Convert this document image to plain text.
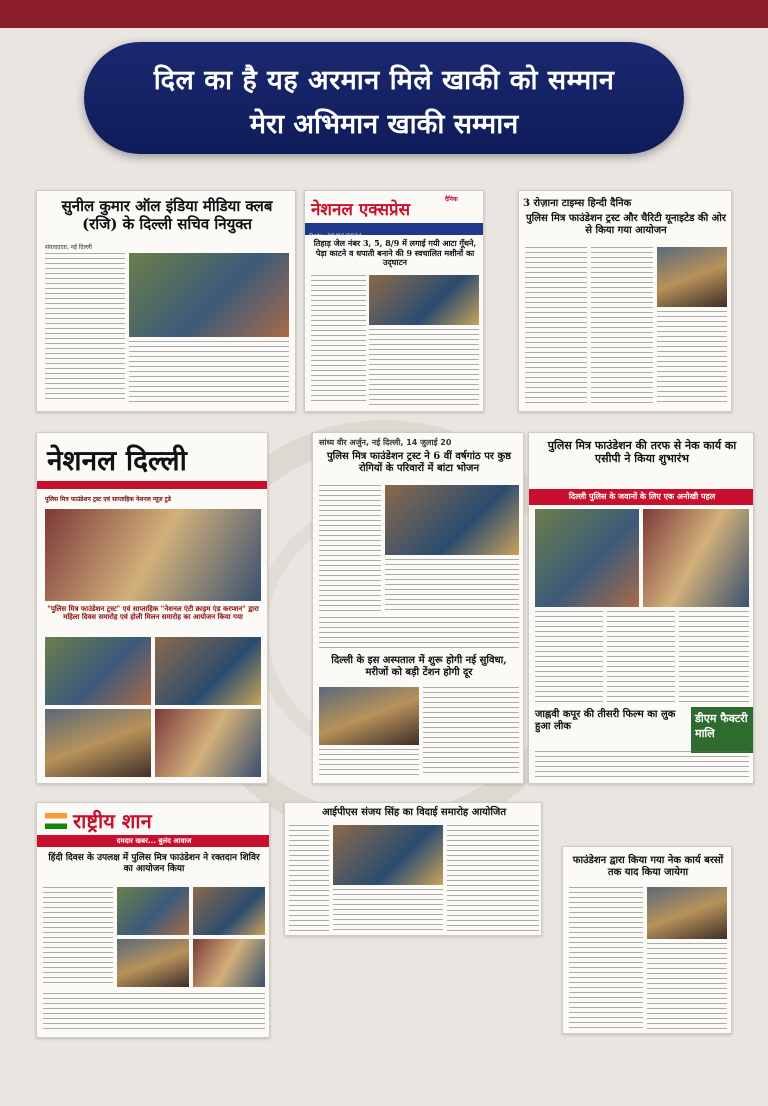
दिल का है यह अरमान मिले खाकी को सम्मान
मेरा अभिमान खाकी सम्मान
सुनील कुमार ऑल इंडिया मीडिया क्लब (रजि) के दिल्ली सचिव नियुक्त
संवाददाता, नई दिल्ली
दैनिक
नेशनल एक्सप्रेस
Date: 29/06/2024
तिहाड़ जेल नंबर 3, 5, 8/9 में लगाई गयी आटा गूँथने, पेड़ा काटने व धपाती बनाने की 9 स्वचालित मशीनों का उद्‌घाटन
3 रोज़ाना टाइम्स हिन्दी दैनिक
पुलिस मित्र फाउंडेशन ट्रस्ट और चैरिटी यूनाइटेड की ओर से किया गया आयोजन
नेशनल दिल्ली
पुलिस मित्र फाउंडेशन ट्रस्ट एवं साप्ताहिक नेशनल न्यूज़ टुडे
"पुलिस मित्र फाउंडेशन ट्रस्ट" एवं साप्ताहिक "नेशनल एंटी क्राइम एंड करप्शन" द्वारा महिला दिवस समारोह एवं होली मिलन समारोह का आयोजन किया गया
सांध्य वीर अर्जुन, नई दिल्ली, 14 जुलाई 20
पुलिस मित्र फाउंडेशन ट्रस्ट ने 6 वीं वर्षगांठ पर कुष्ठ रोगियों के परिवारों में बांटा भोजन
दिल्ली के इस अस्पताल में शुरू होगी नई सुविधा, मरीजों को बड़ी टेंशन होगी दूर
पुलिस मित्र फाउंडेशन की तरफ से नेक कार्य का एसीपी ने किया शुभारंभ
दिल्ली पुलिस के जवानों के लिए एक अनोखी पहल
जाह्नवी कपूर की तीसरी फिल्म का लुक हुआ लीक
डीएम फैक्टरी मालि
राष्ट्रीय शान
दमदार खबर... बुलंद आवाज
हिंदी दिवस के उपलक्ष में पुलिस मित्र फाउंडेशन ने रक्तदान शिविर का आयोजन किया
आईपीएस संजय सिंह का विदाई समारोह आयोजित
फाउंडेशन द्वारा किया गया नेक कार्य बरसों तक याद किया जायेगा
